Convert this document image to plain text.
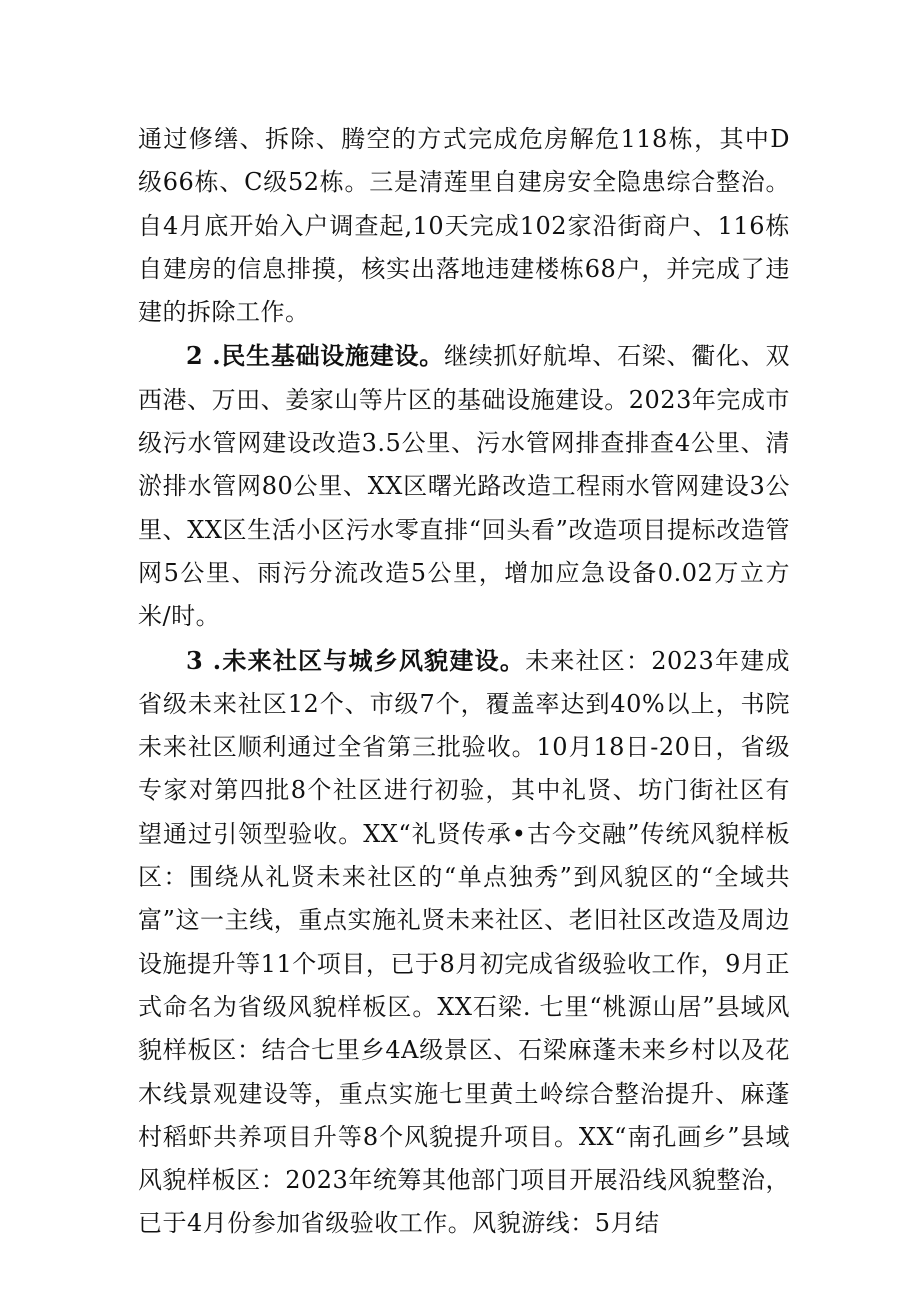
通过修缮、拆除、腾空的方式完成危房解危118栋，其中D级66栋、C级52栋。三是清莲里自建房安全隐患综合整治。自4月底开始入户调查起,10天完成102家沿街商户、116栋自建房的信息排摸，核实出落地违建楼栋68户，并完成了违建的拆除工作。

2 .民生基础设施建设。继续抓好航埠、石梁、衢化、双西港、万田、姜家山等片区的基础设施建设。2023年完成市级污水管网建设改造3.5公里、污水管网排查排查4公里、清淤排水管网80公里、XX区曙光路改造工程雨水管网建设3公里、XX区生活小区污水零直排“回头看”改造项目提标改造管网5公里、雨污分流改造5公里，增加应急设备0.02万立方米/时。

3 .未来社区与城乡风貌建设。未来社区：2023年建成省级未来社区12个、市级7个，覆盖率达到40%以上，书院未来社区顺利通过全省第三批验收。10月18日-20日，省级专家对第四批8个社区进行初验，其中礼贤、坊门街社区有望通过引领型验收。XX“礼贤传承•古今交融”传统风貌样板区：围绕从礼贤未来社区的“单点独秀”到风貌区的“全域共富”这一主线，重点实施礼贤未来社区、老旧社区改造及周边设施提升等11个项目，已于8月初完成省级验收工作，9月正式命名为省级风貌样板区。XX石梁. 七里“桃源山居”县域风貌样板区：结合七里乡4A级景区、石梁麻蓬未来乡村以及花木线景观建设等，重点实施七里黄土岭综合整治提升、麻蓬村稻虾共养项目升等8个风貌提升项目。XX“南孔画乡”县域风貌样板区：2023年统筹其他部门项目开展沿线风貌整治，已于4月份参加省级验收工作。风貌游线：5月结
